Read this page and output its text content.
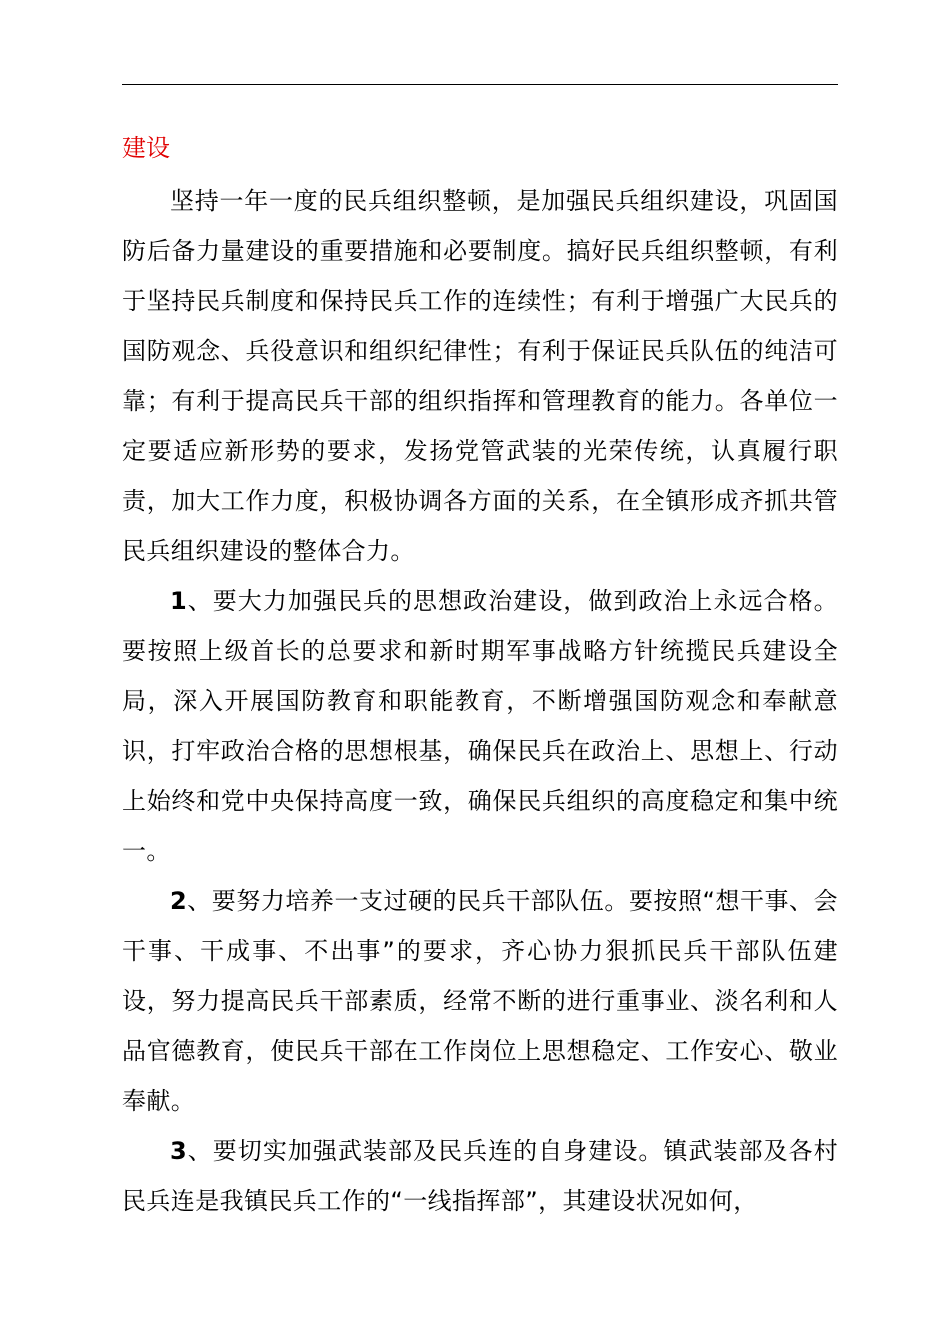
建设

坚持一年一度的民兵组织整顿，是加强民兵组织建设，巩固国防后备力量建设的重要措施和必要制度。搞好民兵组织整顿，有利于坚持民兵制度和保持民兵工作的连续性；有利于增强广大民兵的国防观念、兵役意识和组织纪律性；有利于保证民兵队伍的纯洁可靠；有利于提高民兵干部的组织指挥和管理教育的能力。各单位一定要适应新形势的要求，发扬党管武装的光荣传统，认真履行职责，加大工作力度，积极协调各方面的关系，在全镇形成齐抓共管民兵组织建设的整体合力。

1、要大力加强民兵的思想政治建设，做到政治上永远合格。要按照上级首长的总要求和新时期军事战略方针统揽民兵建设全局，深入开展国防教育和职能教育，不断增强国防观念和奉献意识，打牢政治合格的思想根基，确保民兵在政治上、思想上、行动上始终和党中央保持高度一致，确保民兵组织的高度稳定和集中统一。

2、要努力培养一支过硬的民兵干部队伍。要按照“想干事、会干事、干成事、不出事”的要求，齐心协力狠抓民兵干部队伍建设，努力提高民兵干部素质，经常不断的进行重事业、淡名利和人品官德教育，使民兵干部在工作岗位上思想稳定、工作安心、敬业奉献。

3、要切实加强武装部及民兵连的自身建设。镇武装部及各村民兵连是我镇民兵工作的“一线指挥部”，其建设状况如何，
